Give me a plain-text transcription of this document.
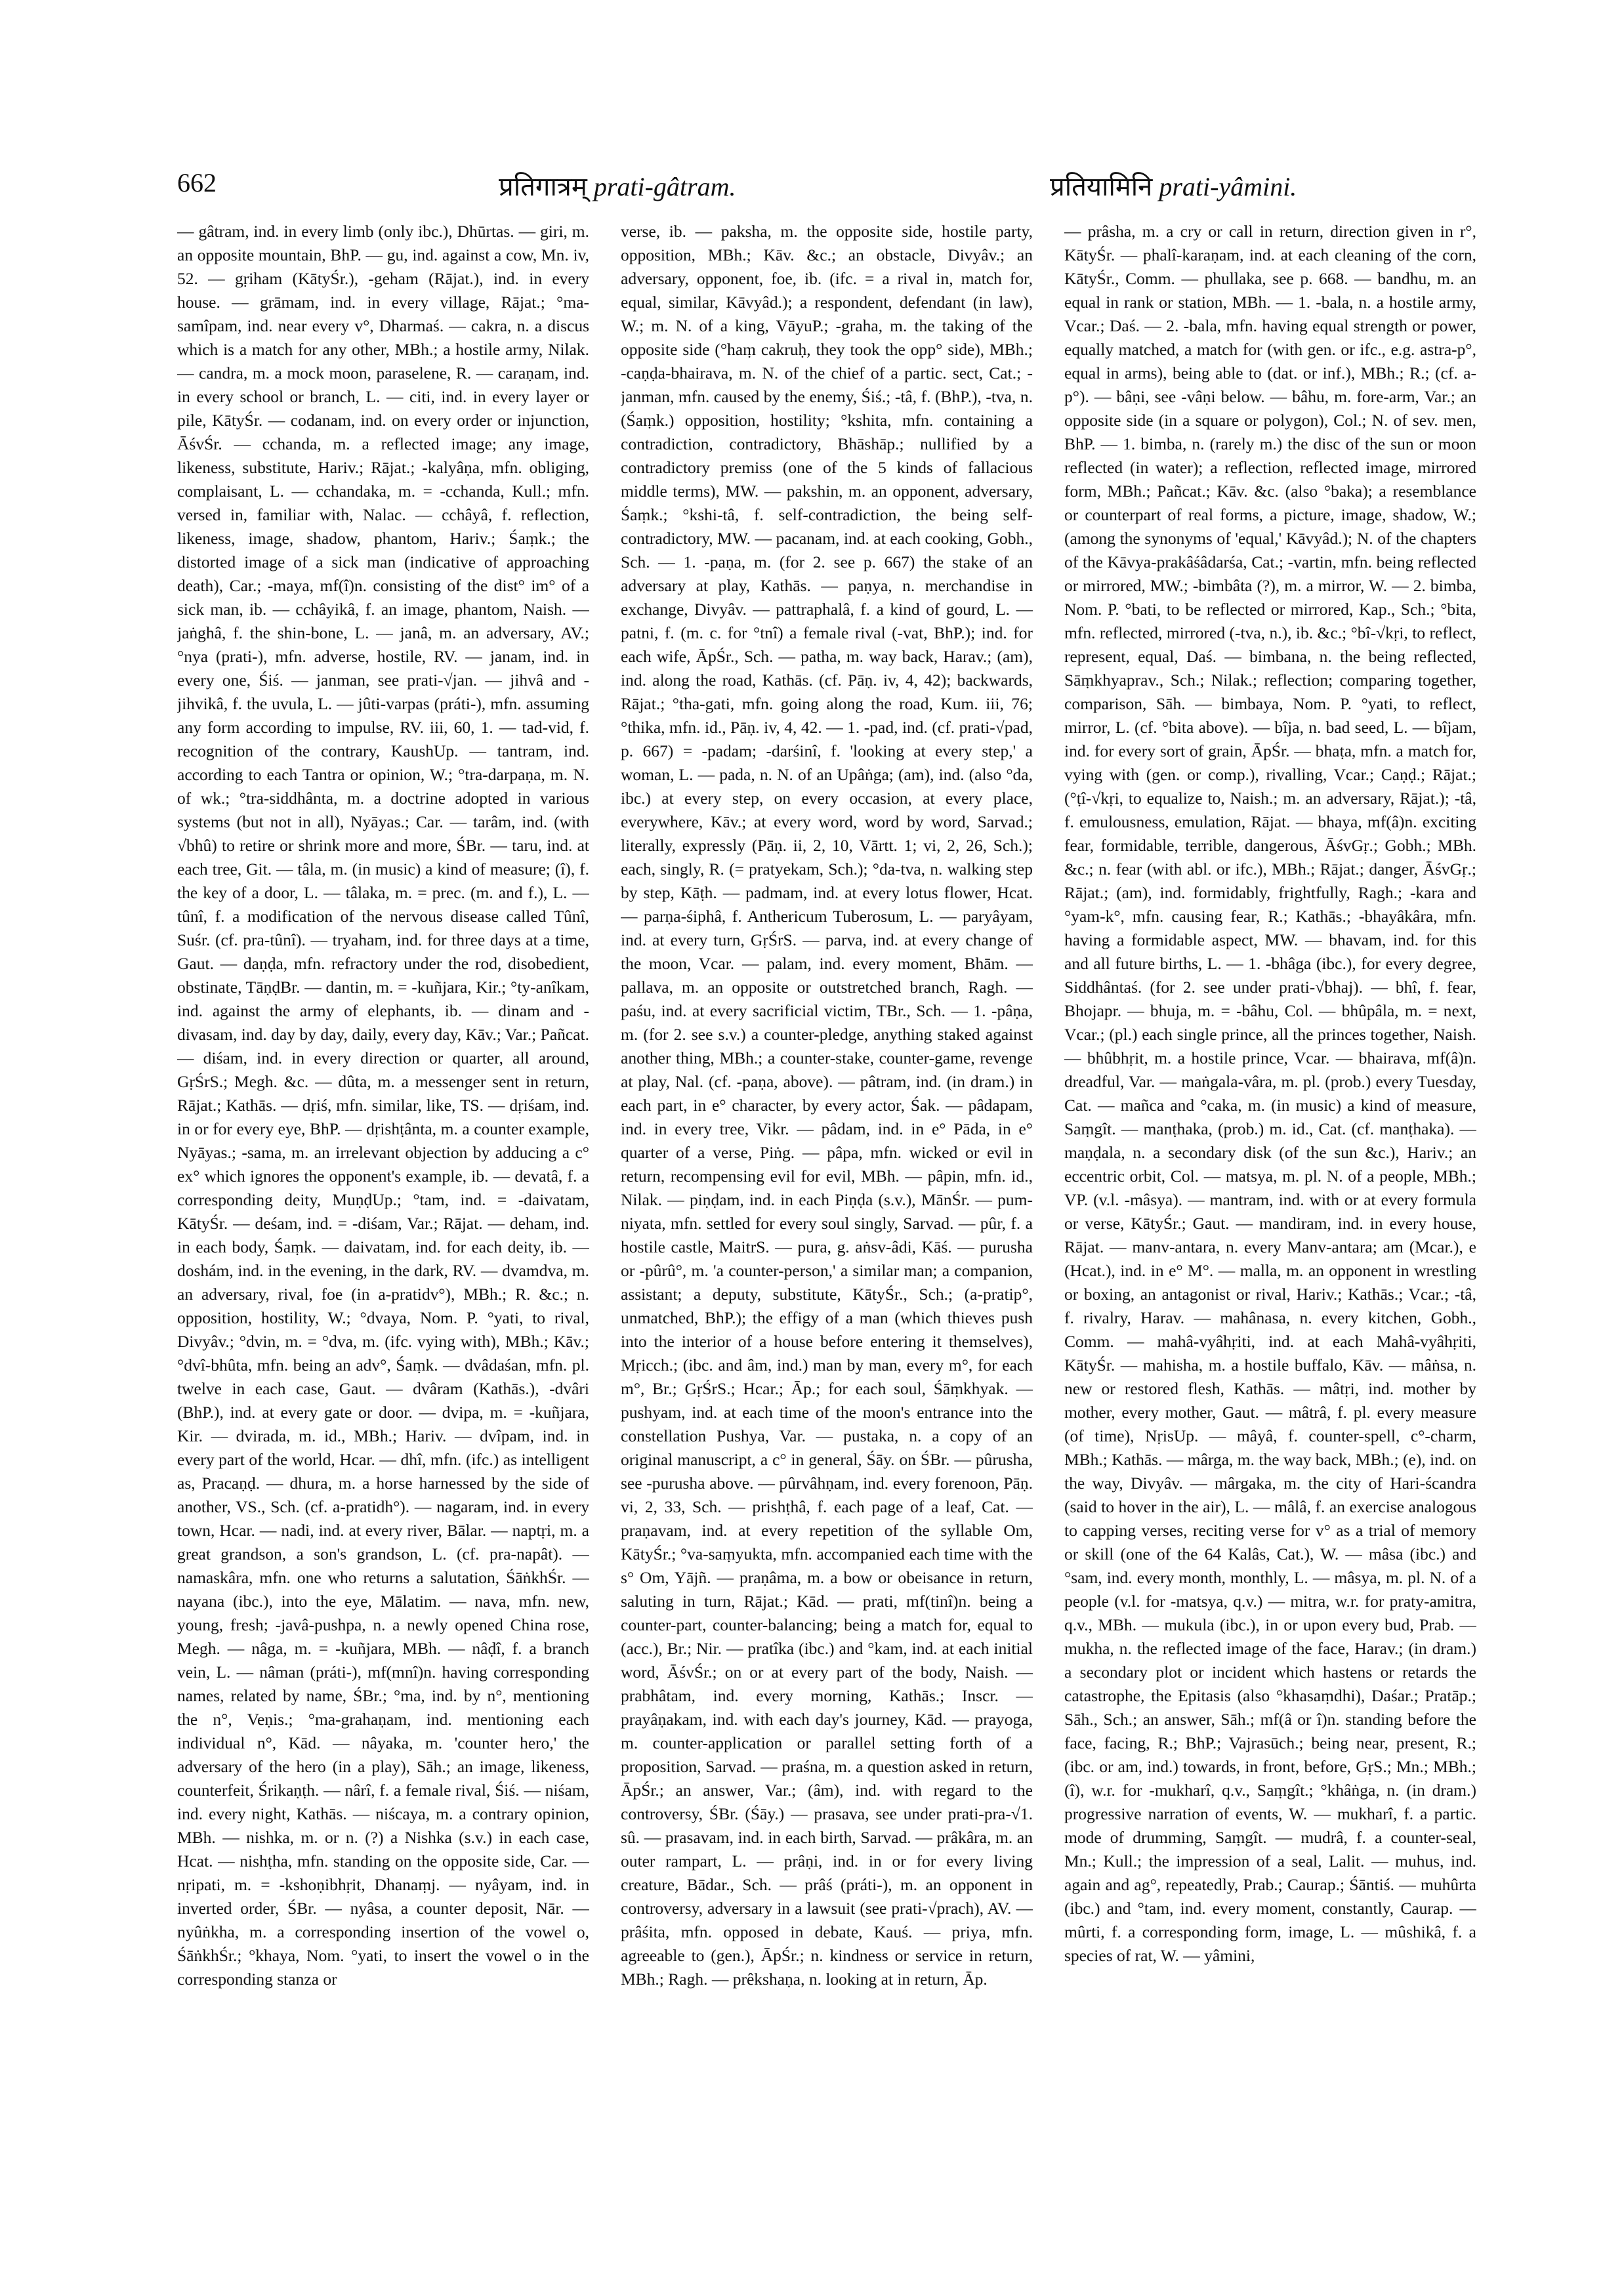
662	प्रतिगात्रम् prati-gâtram.	प्रतियामिनि prati-yâmini.

— gâtram, ind. in every limb (only ibc.), Dhūrtas. — giri, m. an opposite mountain, BhP. — gu, ind. against a cow, Mn. iv, 52. — gṛiham (KātyŚr.), -geham (Rājat.), ind. in every house. — grāmam, ind. in every village, Rājat.; °ma-samîpam, ind. near every v°, Dharmaś. — cakra, n. a discus which is a match for any other, MBh.; a hostile army, Nilak. — candra, m. a mock moon, paraselene, R. — caraṇam, ind. in every school or branch, L. — citi, ind. in every layer or pile, KātyŚr. — codanam, ind. on every order or injunction, ĀśvŚr. — cchanda, m. a reflected image; any image, likeness, substitute, Hariv.; Rājat.; -kalyâṇa, mfn. obliging, complaisant, L. — cchandaka, m. = -cchanda, Kull.; mfn. versed in, familiar with, Nalac. — cchâyâ, f. reflection, likeness, image, shadow, phantom, Hariv.; Śaṃk.; the distorted image of a sick man (indicative of approaching death), Car.; -maya, mf(î)n. consisting of the dist° im° of a sick man, ib. — cchâyikâ, f. an image, phantom, Naish. — jaṅghâ, f. the shin-bone, L. — janâ, m. an adversary, AV.; °nya (prati-), mfn. adverse, hostile, RV. — janam, ind. in every one, Śiś. — janman, see prati-√jan. — jihvâ and -jihvikâ, f. the uvula, L. — jûti-varpas (práti-), mfn. assuming any form according to impulse, RV. iii, 60, 1. — tad-vid, f. recognition of the contrary, KaushUp. — tantram, ind. according to each Tantra or opinion, W.; °tra-darpaṇa, m. N. of wk.; °tra-siddhânta, m. a doctrine adopted in various systems (but not in all), Nyāyas.; Car. — tarâm, ind. (with √bhû) to retire or shrink more and more, ŚBr. — taru, ind. at each tree, Git. — tâla, m. (in music) a kind of measure; (î), f. the key of a door, L. — tâlaka, m. = prec. (m. and f.), L. — tûnî, f. a modification of the nervous disease called Tûnî, Suśr. (cf. pra-tûnî). — tryaham, ind. for three days at a time, Gaut. — daṇḍa, mfn. refractory under the rod, disobedient, obstinate, TāṇḍBr. — dantin, m. = -kuñjara, Kir.; °ty-anîkam, ind. against the army of elephants, ib. — dinam and -divasam, ind. day by day, daily, every day, Kāv.; Var.; Pañcat. — diśam, ind. in every direction or quarter, all around, GṛŚrS.; Megh. &c. — dûta, m. a messenger sent in return, Rājat.; Kathās. — dṛiś, mfn. similar, like, TS. — dṛiśam, ind. in or for every eye, BhP. — dṛishṭânta, m. a counter example, Nyāyas.; -sama, m. an irrelevant objection by adducing a c° ex° which ignores the opponent's example, ib. — devatâ, f. a corresponding deity, MuṇḍUp.; °tam, ind. = -daivatam, KātyŚr. — deśam, ind. = -diśam, Var.; Rājat. — deham, ind. in each body, Śaṃk. — daivatam, ind. for each deity, ib. — doshám, ind. in the evening, in the dark, RV. — dvamdva, m. an adversary, rival, foe (in a-pratidv°), MBh.; R. &c.; n. opposition, hostility, W.; °dvaya, Nom. P. °yati, to rival, Divyâv.; °dvin, m. = °dva, m. (ifc. vying with), MBh.; Kāv.; °dvî-bhûta, mfn. being an adv°, Śaṃk. — dvâdaśan, mfn. pl. twelve in each case, Gaut. — dvâram (Kathās.), -dvâri (BhP.), ind. at every gate or door. — dvipa, m. = -kuñjara, Kir. — dvirada, m. id., MBh.; Hariv. — dvîpam, ind. in every part of the world, Hcar. — dhî, mfn. (ifc.) as intelligent as, Pracaṇḍ. — dhura, m. a horse harnessed by the side of another, VS., Sch. (cf. a-pratidh°). — nagaram, ind. in every town, Hcar. — nadi, ind. at every river, Bālar. — naptṛi, m. a great grandson, a son's grandson, L. (cf. pra-napât). — namaskâra, mfn. one who returns a salutation, ŚāṅkhŚr. — nayana (ibc.), into the eye, Mālatim. — nava, mfn. new, young, fresh; -javâ-pushpa, n. a newly opened China rose, Megh. — nâga, m. = -kuñjara, MBh. — nâḍî, f. a branch vein, L. — nâman (práti-), mf(mnî)n. having corresponding names, related by name, ŚBr.; °ma, ind. by n°, mentioning the n°, Veṇis.; °ma-grahaṇam, ind. mentioning each individual n°, Kād. — nâyaka, m. 'counter hero,' the adversary of the hero (in a play), Sāh.; an image, likeness, counterfeit, Śrikaṇṭh. — nârî, f. a female rival, Śiś. — niśam, ind. every night, Kathās. — niścaya, m. a contrary opinion, MBh. — nishka, m. or n. (?) a Nishka (s.v.) in each case, Hcat. — nishṭha, mfn. standing on the opposite side, Car. — nṛipati, m. = -kshoṇibhṛit, Dhanaṃj. — nyâyam, ind. in inverted order, ŚBr. — nyâsa, a counter deposit, Nār. — nyûṅkha, m. a corresponding insertion of the vowel o, ŚāṅkhŚr.; °khaya, Nom. °yati, to insert the vowel o in the corresponding stanza or

verse, ib. — paksha, m. the opposite side, hostile party, opposition, MBh.; Kāv. &c.; an obstacle, Divyâv.; an adversary, opponent, foe, ib. (ifc. = a rival in, match for, equal, similar, Kāvyâd.); a respondent, defendant (in law), W.; m. N. of a king, VāyuP.; -graha, m. the taking of the opposite side (°haṃ cakruḥ, they took the opp° side), MBh.; -caṇḍa-bhairava, m. N. of the chief of a partic. sect, Cat.; -janman, mfn. caused by the enemy, Śiś.; -tâ, f. (BhP.), -tva, n. (Śaṃk.) opposition, hostility; °kshita, mfn. containing a contradiction, contradictory, Bhāshāp.; nullified by a contradictory premiss (one of the 5 kinds of fallacious middle terms), MW. — pakshin, m. an opponent, adversary, Śaṃk.; °kshi-tâ, f. self-contradiction, the being self-contradictory, MW. — pacanam, ind. at each cooking, Gobh., Sch. — 1. -paṇa, m. (for 2. see p. 667) the stake of an adversary at play, Kathās. — paṇya, n. merchandise in exchange, Divyâv. — pattraphalâ, f. a kind of gourd, L. — patni, f. (m. c. for °tnî) a female rival (-vat, BhP.); ind. for each wife, ĀpŚr., Sch. — patha, m. way back, Harav.; (am), ind. along the road, Kathās. (cf. Pāṇ. iv, 4, 42); backwards, Rājat.; °tha-gati, mfn. going along the road, Kum. iii, 76; °thika, mfn. id., Pāṇ. iv, 4, 42. — 1. -pad, ind. (cf. prati-√pad, p. 667) = -padam; -darśinî, f. 'looking at every step,' a woman, L. — pada, n. N. of an Upâṅga; (am), ind. (also °da, ibc.) at every step, on every occasion, at every place, everywhere, Kāv.; at every word, word by word, Sarvad.; literally, expressly (Pāṇ. ii, 2, 10, Vārtt. 1; vi, 2, 26, Sch.); each, singly, R. (= pratyekam, Sch.); °da-tva, n. walking step by step, Kāṭh. — padmam, ind. at every lotus flower, Hcat. — parṇa-śiphâ, f. Anthericum Tuberosum, L. — paryâyam, ind. at every turn, GṛŚrS. — parva, ind. at every change of the moon, Vcar. — palam, ind. every moment, Bhām. — pallava, m. an opposite or outstretched branch, Ragh. — paśu, ind. at every sacrificial victim, TBr., Sch. — 1. -pâṇa, m. (for 2. see s.v.) a counter-pledge, anything staked against another thing, MBh.; a counter-stake, counter-game, revenge at play, Nal. (cf. -paṇa, above). — pâtram, ind. (in dram.) in each part, in e° character, by every actor, Śak. — pâdapam, ind. in every tree, Vikr. — pâdam, ind. in e° Pāda, in e° quarter of a verse, Piṅg. — pâpa, mfn. wicked or evil in return, recompensing evil for evil, MBh. — pâpin, mfn. id., Nilak. — piṇḍam, ind. in each Piṇḍa (s.v.), MānŚr. — pum-niyata, mfn. settled for every soul singly, Sarvad. — pûr, f. a hostile castle, MaitrS. — pura, g. aṅsv-âdi, Kāś. — purusha or -pûrû°, m. 'a counter-person,' a similar man; a companion, assistant; a deputy, substitute, KātyŚr., Sch.; (a-pratip°, unmatched, BhP.); the effigy of a man (which thieves push into the interior of a house before entering it themselves), Mṛicch.; (ibc. and âm, ind.) man by man, every m°, for each m°, Br.; GṛŚrS.; Hcar.; Āp.; for each soul, Śāṃkhyak. — pushyam, ind. at each time of the moon's entrance into the constellation Pushya, Var. — pustaka, n. a copy of an original manuscript, a c° in general, Śāy. on ŚBr. — pûrusha, see -purusha above. — pûrvâhṇam, ind. every forenoon, Pāṇ. vi, 2, 33, Sch. — prishṭhâ, f. each page of a leaf, Cat. — praṇavam, ind. at every repetition of the syllable Om, KātyŚr.; °va-saṃyukta, mfn. accompanied each time with the s° Om, Yājñ. — praṇâma, m. a bow or obeisance in return, saluting in turn, Rājat.; Kād. — prati, mf(tinî)n. being a counter-part, counter-balancing; being a match for, equal to (acc.), Br.; Nir. — pratîka (ibc.) and °kam, ind. at each initial word, ĀśvŚr.; on or at every part of the body, Naish. — prabhâtam, ind. every morning, Kathās.; Inscr. — prayâṇakam, ind. with each day's journey, Kād. — prayoga, m. counter-application or parallel setting forth of a proposition, Sarvad. — praśna, m. a question asked in return, ĀpŚr.; an answer, Var.; (âm), ind. with regard to the controversy, ŚBr. (Śāy.) — prasava, see under prati-pra-√1. sû. — prasavam, ind. in each birth, Sarvad. — prâkâra, m. an outer rampart, L. — prâṇi, ind. in or for every living creature, Bādar., Sch. — prâś (práti-), m. an opponent in controversy, adversary in a lawsuit (see prati-√prach), AV. — prâśita, mfn. opposed in debate, Kauś. — priya, mfn. agreeable to (gen.), ĀpŚr.; n. kindness or service in return, MBh.; Ragh. — prêkshaṇa, n. looking at in return, Āp.

— prâsha, m. a cry or call in return, direction given in r°, KātyŚr. — phalî-karaṇam, ind. at each cleaning of the corn, KātyŚr., Comm. — phullaka, see p. 668. — bandhu, m. an equal in rank or station, MBh. — 1. -bala, n. a hostile army, Vcar.; Daś. — 2. -bala, mfn. having equal strength or power, equally matched, a match for (with gen. or ifc., e.g. astra-p°, equal in arms), being able to (dat. or inf.), MBh.; R.; (cf. a-p°). — bâṇi, see -vâṇi below. — bâhu, m. fore-arm, Var.; an opposite side (in a square or polygon), Col.; N. of sev. men, BhP. — 1. bimba, n. (rarely m.) the disc of the sun or moon reflected (in water); a reflection, reflected image, mirrored form, MBh.; Pañcat.; Kāv. &c. (also °baka); a resemblance or counterpart of real forms, a picture, image, shadow, W.; (among the synonyms of 'equal,' Kāvyâd.); N. of the chapters of the Kāvya-prakâśâdarśa, Cat.; -vartin, mfn. being reflected or mirrored, MW.; -bimbâta (?), m. a mirror, W. — 2. bimba, Nom. P. °bati, to be reflected or mirrored, Kap., Sch.; °bita, mfn. reflected, mirrored (-tva, n.), ib. &c.; °bî-√kṛi, to reflect, represent, equal, Daś. — bimbana, n. the being reflected, Sāṃkhyaprav., Sch.; Nilak.; reflection; comparing together, comparison, Sāh. — bimbaya, Nom. P. °yati, to reflect, mirror, L. (cf. °bita above). — bîja, n. bad seed, L. — bîjam, ind. for every sort of grain, ĀpŚr. — bhaṭa, mfn. a match for, vying with (gen. or comp.), rivalling, Vcar.; Caṇḍ.; Rājat.; (°ṭî-√kṛi, to equalize to, Naish.; m. an adversary, Rājat.); -tâ, f. emulousness, emulation, Rājat. — bhaya, mf(â)n. exciting fear, formidable, terrible, dangerous, ĀśvGṛ.; Gobh.; MBh. &c.; n. fear (with abl. or ifc.), MBh.; Rājat.; danger, ĀśvGṛ.; Rājat.; (am), ind. formidably, frightfully, Ragh.; -kara and °yam-k°, mfn. causing fear, R.; Kathās.; -bhayâkâra, mfn. having a formidable aspect, MW. — bhavam, ind. for this and all future births, L. — 1. -bhâga (ibc.), for every degree, Siddhântaś. (for 2. see under prati-√bhaj). — bhî, f. fear, Bhojapr. — bhuja, m. = -bâhu, Col. — bhûpâla, m. = next, Vcar.; (pl.) each single prince, all the princes together, Naish. — bhûbhṛit, m. a hostile prince, Vcar. — bhairava, mf(â)n. dreadful, Var. — maṅgala-vâra, m. pl. (prob.) every Tuesday, Cat. — mañca and °caka, m. (in music) a kind of measure, Saṃgît. — manṭhaka, (prob.) m. id., Cat. (cf. manṭhaka). — maṇḍala, n. a secondary disk (of the sun &c.), Hariv.; an eccentric orbit, Col. — matsya, m. pl. N. of a people, MBh.; VP. (v.l. -mâsya). — mantram, ind. with or at every formula or verse, KātyŚr.; Gaut. — mandiram, ind. in every house, Rājat. — manv-antara, n. every Manv-antara; am (Mcar.), e (Hcat.), ind. in e° M°. — malla, m. an opponent in wrestling or boxing, an antagonist or rival, Hariv.; Kathās.; Vcar.; -tâ, f. rivalry, Harav. — mahânasa, n. every kitchen, Gobh., Comm. — mahâ-vyâhṛiti, ind. at each Mahâ-vyâhṛiti, KātyŚr. — mahisha, m. a hostile buffalo, Kāv. — mâṅsa, n. new or restored flesh, Kathās. — mâtṛi, ind. mother by mother, every mother, Gaut. — mâtrâ, f. pl. every measure (of time), NṛisUp. — mâyâ, f. counter-spell, c°-charm, MBh.; Kathās. — mârga, m. the way back, MBh.; (e), ind. on the way, Divyâv. — mârgaka, m. the city of Hari-ścandra (said to hover in the air), L. — mâlâ, f. an exercise analogous to capping verses, reciting verse for v° as a trial of memory or skill (one of the 64 Kalâs, Cat.), W. — mâsa (ibc.) and °sam, ind. every month, monthly, L. — mâsya, m. pl. N. of a people (v.l. for -matsya, q.v.) — mitra, w.r. for praty-amitra, q.v., MBh. — mukula (ibc.), in or upon every bud, Prab. — mukha, n. the reflected image of the face, Harav.; (in dram.) a secondary plot or incident which hastens or retards the catastrophe, the Epitasis (also °khasaṃdhi), Daśar.; Pratāp.; Sāh., Sch.; an answer, Sāh.; mf(â or î)n. standing before the face, facing, R.; BhP.; Vajrasūch.; being near, present, R.; (ibc. or am, ind.) towards, in front, before, GṛS.; Mn.; MBh.; (î), w.r. for -mukharî, q.v., Saṃgît.; °khâṅga, n. (in dram.) progressive narration of events, W. — mukharî, f. a partic. mode of drumming, Saṃgît. — mudrâ, f. a counter-seal, Mn.; Kull.; the impression of a seal, Lalit. — muhus, ind. again and ag°, repeatedly, Prab.; Caurap.; Śāntiś. — muhûrta (ibc.) and °tam, ind. every moment, constantly, Caurap. — mûrti, f. a corresponding form, image, L. — mûshikâ, f. a species of rat, W. — yâmini,
